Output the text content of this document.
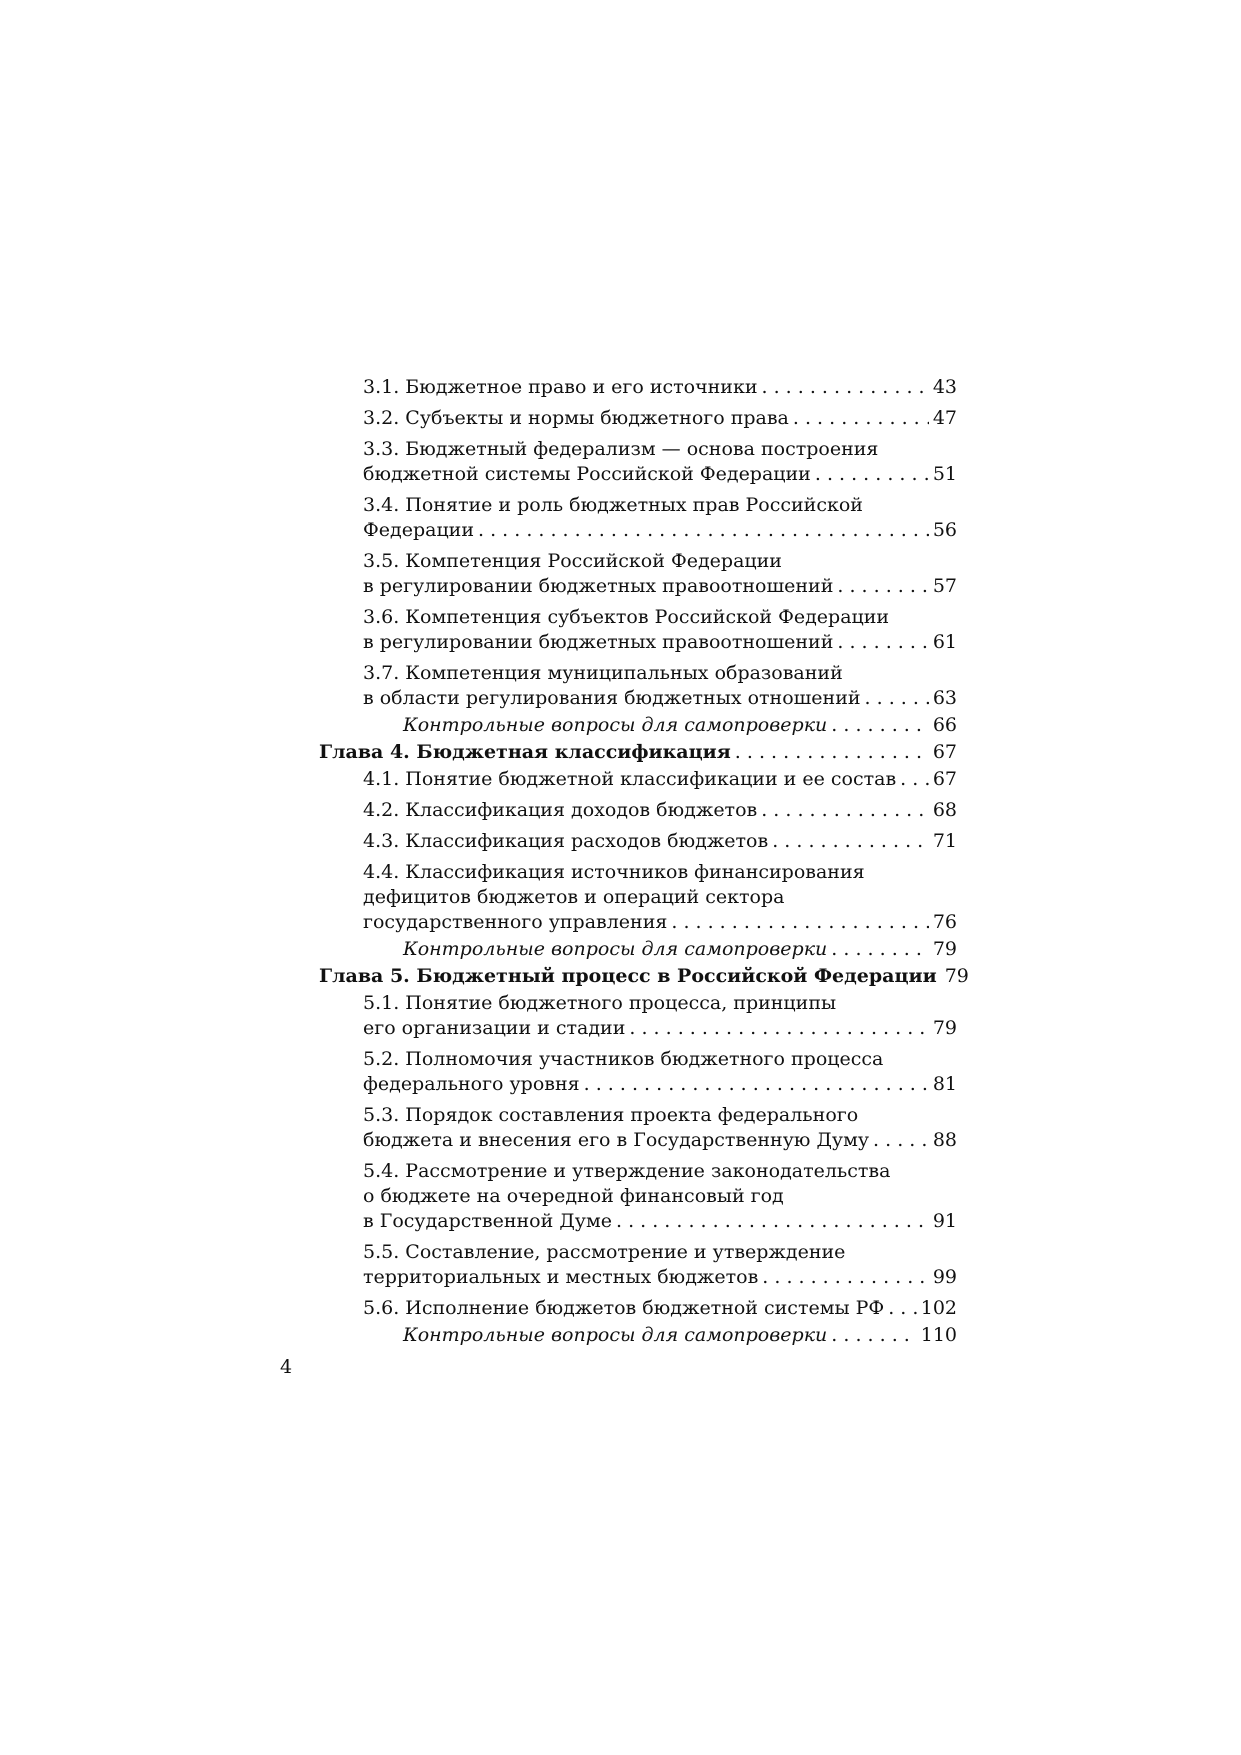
3.1. Бюджетное право и его источники . . .	43
3.2. Субъекты и нормы бюджетного права . . .	47
3.3. Бюджетный федерализм — основа построения
бюджетной системы Российской Федерации . . .	51
3.4. Понятие и роль бюджетных прав Российской
Федерации . . .	56
3.5. Компетенция Российской Федерации
в регулировании бюджетных правоотношений . . .	57
3.6. Компетенция субъектов Российской Федерации
в регулировании бюджетных правоотношений . . .	61
3.7. Компетенция муниципальных образований
в области регулирования бюджетных отношений . . .	63
Контрольные вопросы для самопроверки . . .	66
Глава 4. Бюджетная классификация . . .	67
4.1. Понятие бюджетной классификации и ее состав . . . 67
4.2. Классификация доходов бюджетов . . .	68
4.3. Классификация расходов бюджетов . . .	71
4.4. Классификация источников финансирования
дефицитов бюджетов и операций сектора
государственного управления . . .	76
Контрольные вопросы для самопроверки . . .	79
Глава 5. Бюджетный процесс в Российской Федерации 79
5.1. Понятие бюджетного процесса, принципы
его организации и стадии . . .	79
5.2. Полномочия участников бюджетного процесса
федерального уровня . . .	81
5.3. Порядок составления проекта федерального
бюджета и внесения его в Государственную Думу . . .	88
5.4. Рассмотрение и утверждение законодательства
о бюджете на очередной финансовый год
в Государственной Думе . . .	91
5.5. Составление, рассмотрение и утверждение
территориальных и местных бюджетов . . .	99
5.6. Исполнение бюджетов бюджетной системы РФ . . . 102
Контрольные вопросы для самопроверки . . .	110
4
